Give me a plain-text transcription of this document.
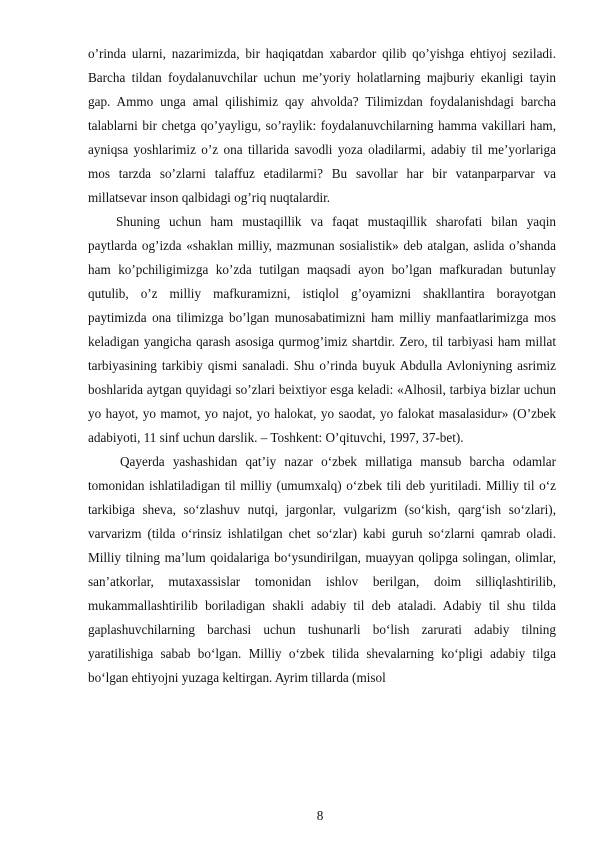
o’rinda ularni, nazarimizda, bir haqiqatdan xabardor qilib qo’yishga ehtiyoj seziladi. Barcha tildan foydalanuvchilar uchun me’yoriy holatlarning majburiy ekanligi tayin gap. Ammo unga amal qilishimiz qay ahvolda? Tilimizdan foydalanishdagi barcha talablarni bir chetga qo’yayligu, so’raylik: foydalanuvchilarning hamma vakillari ham, ayniqsa yoshlarimiz o’z ona tillarida savodli yoza oladilarmi, adabiy til me’yorlariga mos tarzda so’zlarni talaffuz etadilarmi? Bu savollar har bir vatanparparvar va millatsevar inson qalbidagi og’riq nuqtalardir.

Shuning uchun ham mustaqillik va faqat mustaqillik sharofati bilan yaqin paytlarda og’izda «shaklan milliy, mazmunan sosialistik» deb atalgan, aslida o’shanda ham ko’pchiligimizga ko’zda tutilgan maqsadi ayon bo’lgan mafkuradan butunlay qutulib, o’z milliy mafkuramizni, istiqlol g’oyamizni shakllantira borayotgan paytimizda ona tilimizga bo’lgan munosabatimizni ham milliy manfaatlarimizga mos keladigan yangicha qarash asosiga qurmog’imiz shartdir. Zero, til tarbiyasi ham millat tarbiyasining tarkibiy qismi sanaladi. Shu o’rinda buyuk Abdulla Avloniyning asrimiz boshlarida aytgan quyidagi so’zlari beixtiyor esga keladi: «Alhosil, tarbiya bizlar uchun yo hayot, yo mamot, yo najot, yo halokat, yo saodat, yo falokat masalasidur» (O’zbek adabiyoti, 11 sinf uchun darslik. – Toshkent: O’qituvchi, 1997, 37-bet).

Qayerda yashashidan qat’iy nazar o‘zbek millatiga mansub barcha odamlar tomonidan ishlatiladigan til milliy (umumxalq) o‘zbek tili deb yuritiladi. Milliy til o‘z tarkibiga sheva, so‘zlashuv nutqi, jargonlar, vulgarizm (so‘kish, qarg‘ish so‘zlari), varvarizm (tilda o‘rinsiz ishlatilgan chet so‘zlar) kabi guruh so‘zlarni qamrab oladi.

Milliy tilning ma’lum qoidalariga bo‘ysundirilgan, muayyan qolipga solingan, olimlar, san’atkorlar, mutaxassislar tomonidan ishlov berilgan, doim silliqlashtirilib, mukammallashtirilib boriladigan shakli adabiy til deb ataladi. Adabiy til shu tilda gaplashuvchilarning barchasi uchun tushunarli bo‘lish zarurati adabiy tilning yaratilishiga sabab bo‘lgan. Milliy o‘zbek tilida shevalarning ko‘pligi adabiy tilga bo‘lgan ehtiyojni yuzaga keltirgan. Ayrim tillarda (misol

8
